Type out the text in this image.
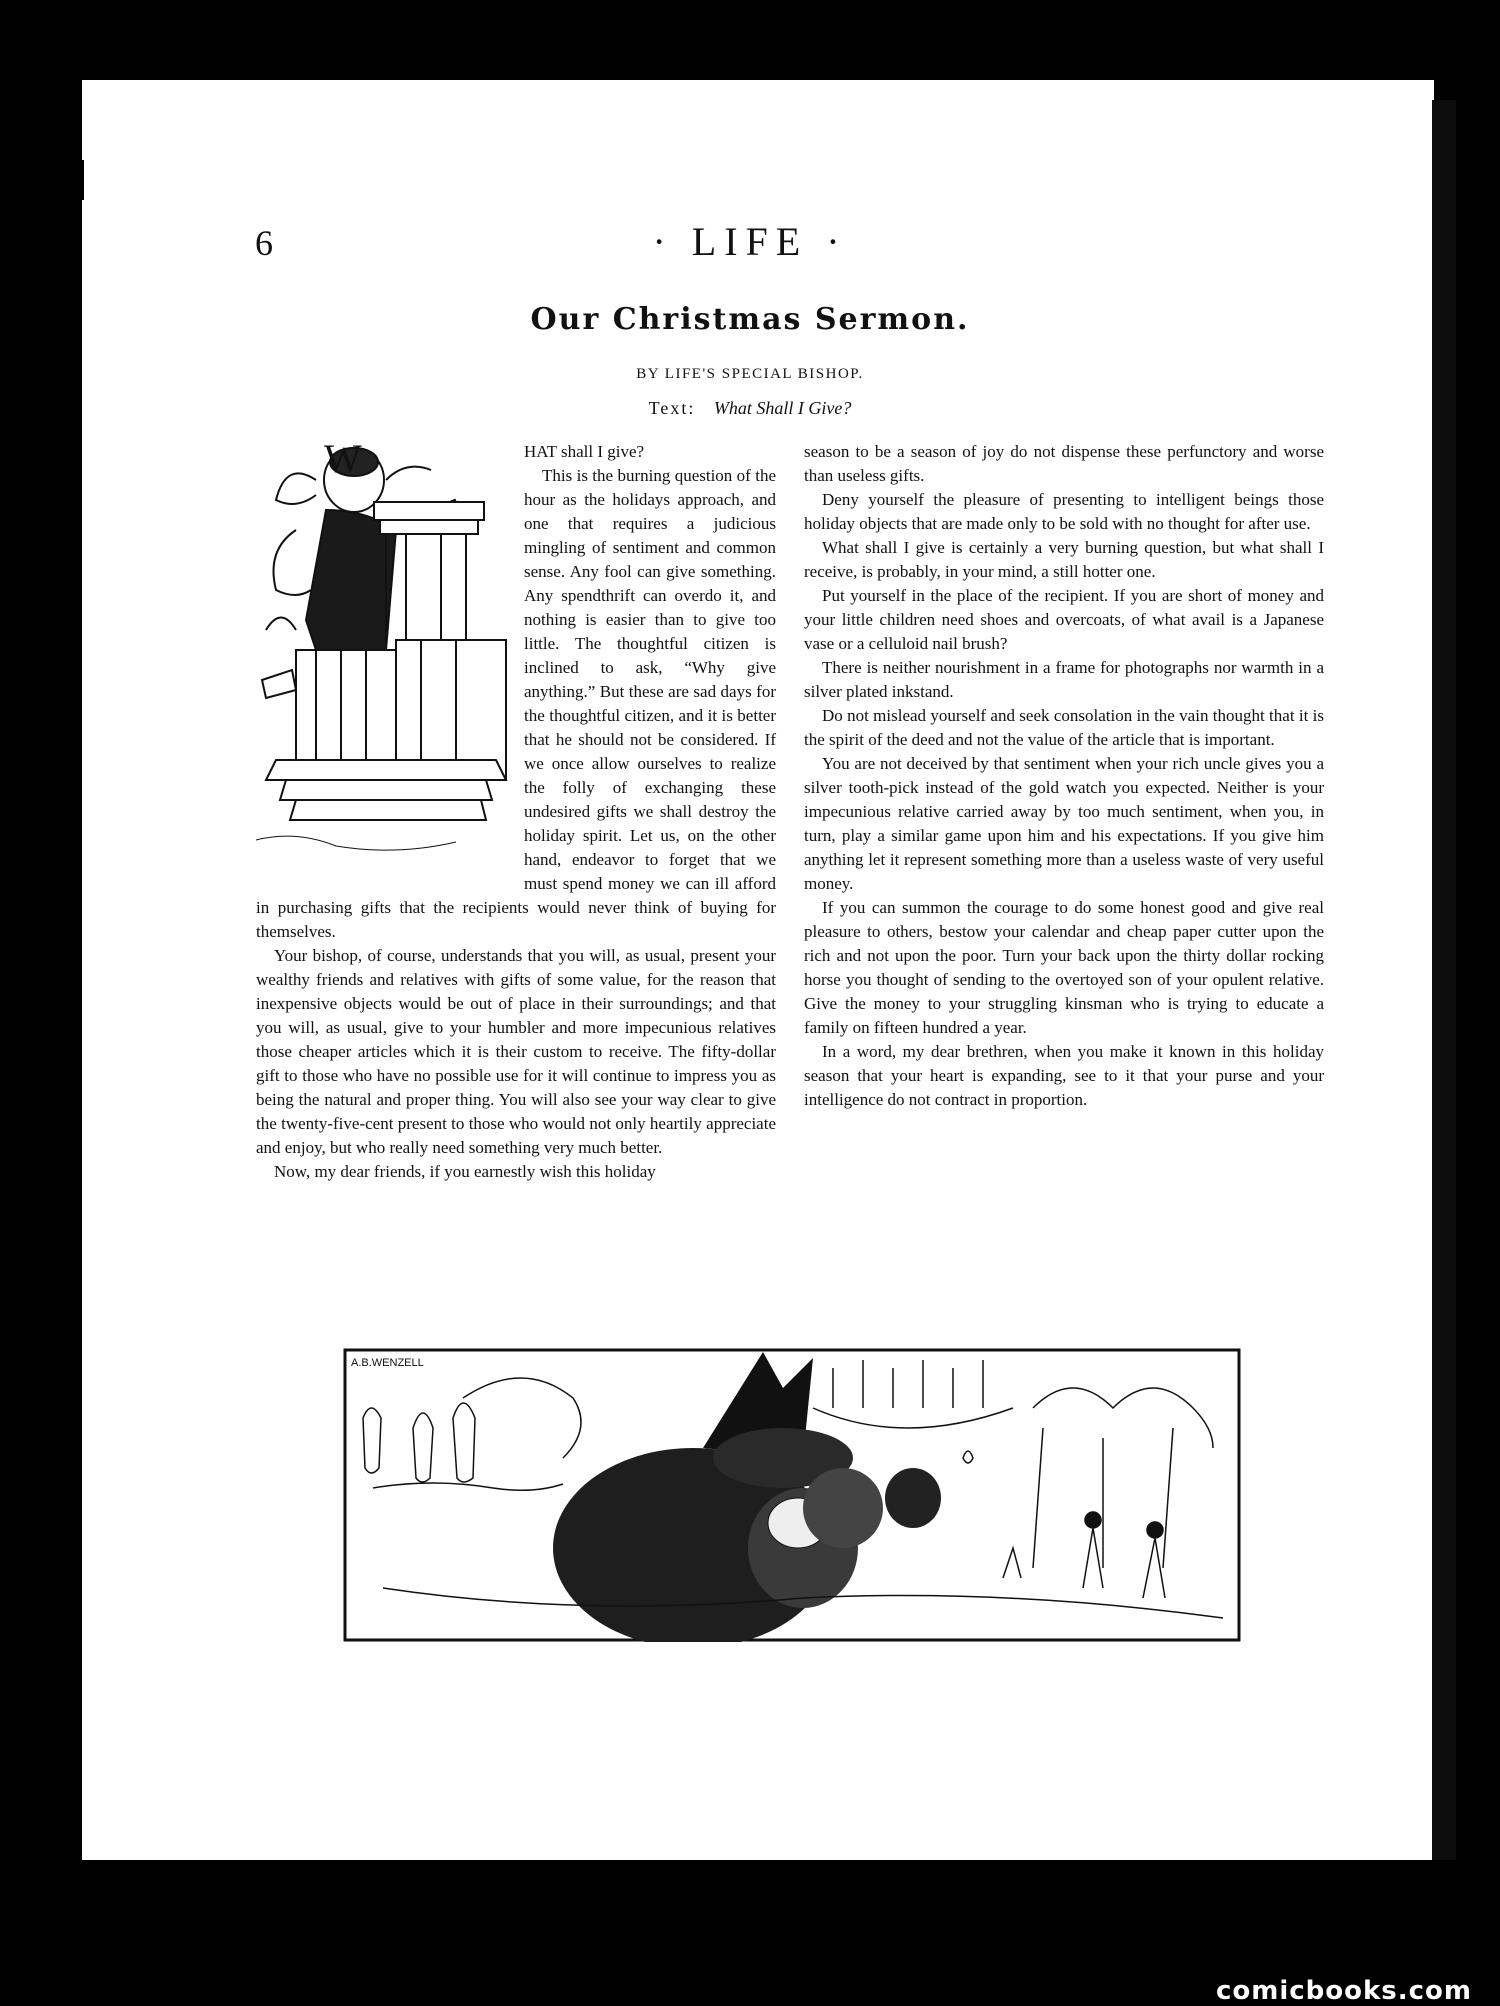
6	· LIFE ·
Our Christmas Sermon.
BY LIFE'S SPECIAL BISHOP.
Text: What Shall I Give?

W	HAT shall I give?

This is the burning question of the hour as the holidays approach, and one that requires a judicious mingling of sentiment and common sense. Any fool can give something. Any spendthrift can overdo it, and nothing is easier than to give too little. The thoughtful citizen is inclined to ask, “Why give anything.” But these are sad days for the thoughtful citizen, and it is better that he should not be considered. If we once allow ourselves to realize the folly of exchanging these undesired gifts we shall destroy the holiday spirit. Let us, on the other hand, endeavor to forget that we must spend money we can ill afford in purchasing gifts that the recipients would never think of buying for themselves.

Your bishop, of course, understands that you will, as usual, present your wealthy friends and relatives with gifts of some value, for the reason that inexpensive objects would be out of place in their surroundings; and that you will, as usual, give to your humbler and more impecunious relatives those cheaper articles which it is their custom to receive. The fifty-dollar gift to those who have no possible use for it will continue to impress you as being the natural and proper thing. You will also see your way clear to give the twenty-five-cent present to those who would not only heartily appreciate and enjoy, but who really need something very much better.

Now, my dear friends, if you earnestly wish this holiday

season to be a season of joy do not dispense these perfunctory and worse than useless gifts.

Deny yourself the pleasure of presenting to intelligent beings those holiday objects that are made only to be sold with no thought for after use.

What shall I give is certainly a very burning question, but what shall I receive, is probably, in your mind, a still hotter one.

Put yourself in the place of the recipient. If you are short of money and your little children need shoes and overcoats, of what avail is a Japanese vase or a celluloid nail brush?

There is neither nourishment in a frame for photographs nor warmth in a silver plated inkstand.

Do not mislead yourself and seek consolation in the vain thought that it is the spirit of the deed and not the value of the article that is important.

You are not deceived by that sentiment when your rich uncle gives you a silver tooth-pick instead of the gold watch you expected. Neither is your impecunious relative carried away by too much sentiment, when you, in turn, play a similar game upon him and his expectations. If you give him anything let it represent something more than a useless waste of very useful money.

If you can summon the courage to do some honest good and give real pleasure to others, bestow your calendar and cheap paper cutter upon the rich and not upon the poor. Turn your back upon the thirty dollar rocking horse you thought of sending to the overtoyed son of your opulent relative. Give the money to your struggling kinsman who is trying to educate a family on fifteen hundred a year.

In a word, my dear brethren, when you make it known in this holiday season that your heart is expanding, see to it that your purse and your intelligence do not contract in proportion.

A.B.WENZELL
comicbooks.com
